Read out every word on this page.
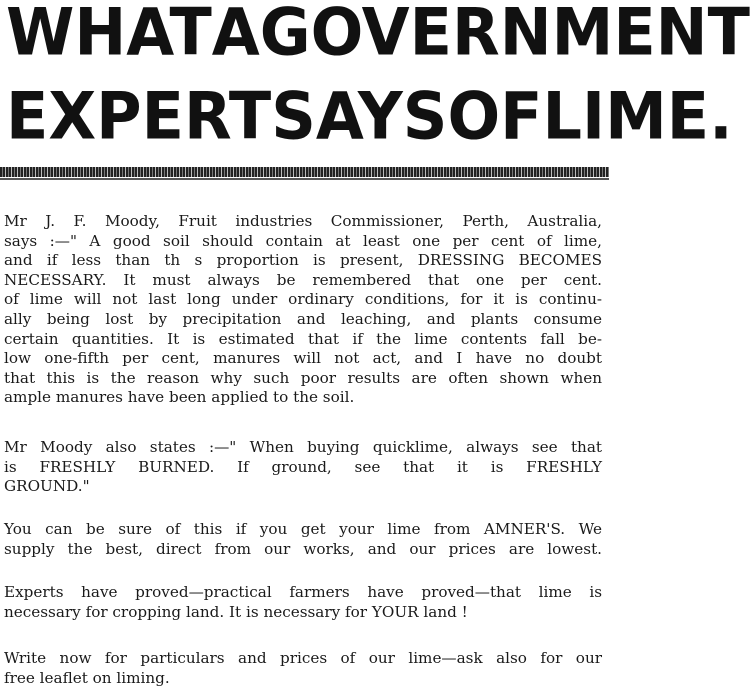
WHAT A GOVERNMENT
EXPERT SAYS OF LIME.
Mr J. F. Moody, Fruit industries Commissioner, Perth, Australia,
says :—" A good soil should contain at least one per cent of lime,
and if less than th s proportion is present, DRESSING BECOMES
NECESSARY. It must always be remembered that one per cent.
of lime will not last long under ordinary conditions, for it is continu-
ally being lost by precipitation and leaching, and plants consume
certain quantities. It is estimated that if the lime contents fall be-
low one-fifth per cent, manures will not act, and I have no doubt
that this is the reason why such poor results are often shown when
ample manures have been applied to the soil.
Mr Moody also states :—" When buying quicklime, always see that
is FRESHLY BURNED. If ground, see that it is FRESHLY
GROUND."
You can be sure of this if you get your lime from AMNER'S. We
supply the best, direct from our works, and our prices are lowest.
Experts have proved—practical farmers have proved—that lime is
necessary for cropping land. It is necessary for YOUR land !
Write now for particulars and prices of our lime—ask also for our
free leaflet on liming.
